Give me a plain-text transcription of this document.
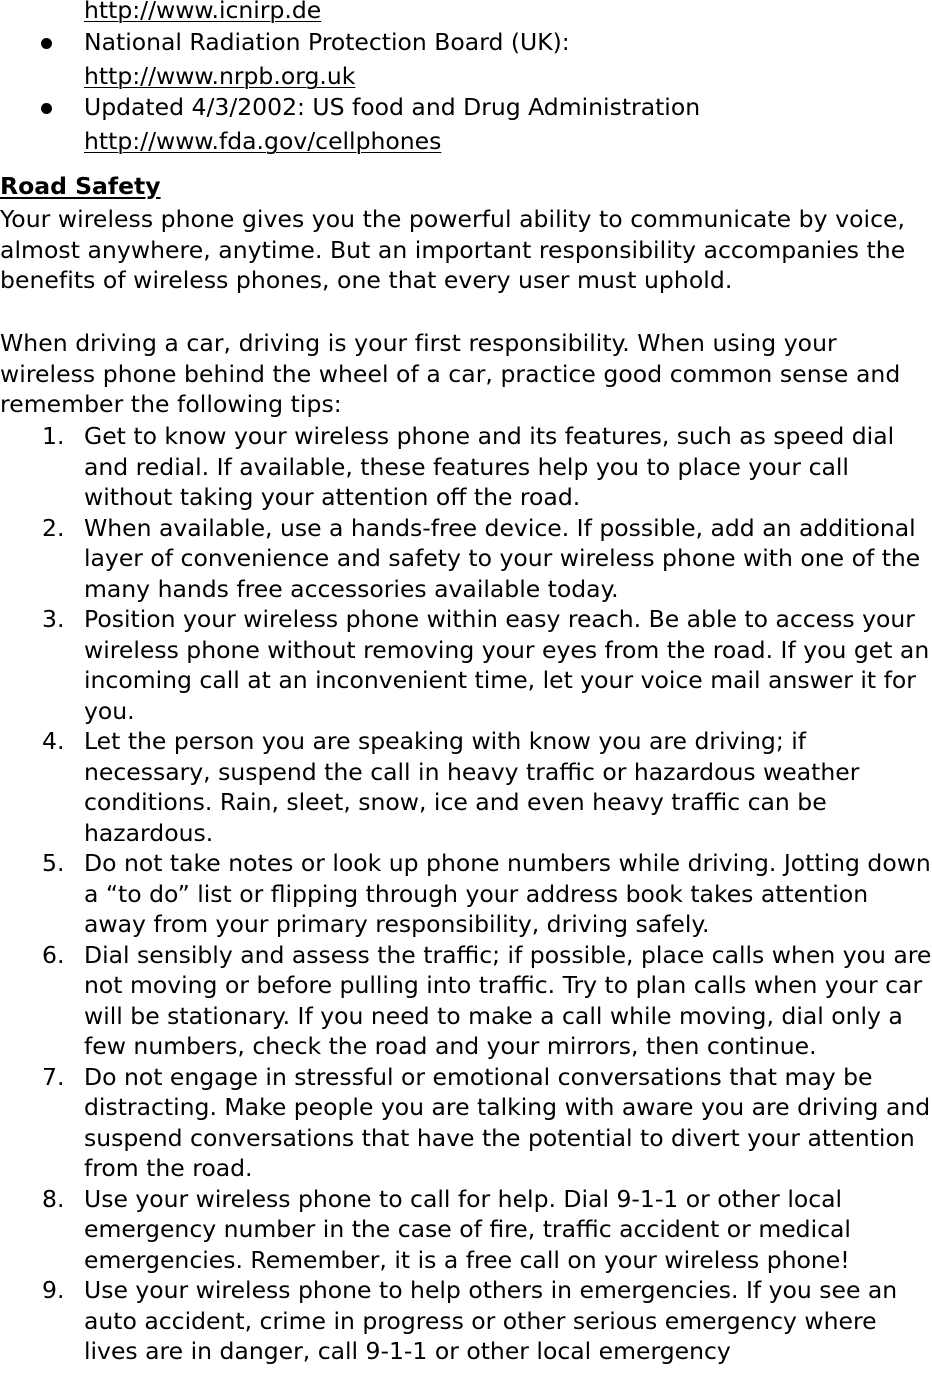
http://www.icnirp.de
National Radiation Protection Board (UK):
http://www.nrpb.org.uk
Updated 4/3/2002: US food and Drug Administration
http://www.fda.gov/cellphones
Road Safety

Your wireless phone gives you the powerful ability to communicate by voice, almost anywhere, anytime. But an important responsibility accompanies the benefits of wireless phones, one that every user must uphold.

When driving a car, driving is your first responsibility. When using your wireless phone behind the wheel of a car, practice good common sense and remember the following tips:

1. Get to know your wireless phone and its features, such as speed dial and redial. If available, these features help you to place your call without taking your attention off the road.
2. When available, use a hands-free device. If possible, add an additional layer of convenience and safety to your wireless phone with one of the many hands free accessories available today.
3. Position your wireless phone within easy reach. Be able to access your wireless phone without removing your eyes from the road. If you get an incoming call at an inconvenient time, let your voice mail answer it for you.
4. Let the person you are speaking with know you are driving; if necessary, suspend the call in heavy traffic or hazardous weather conditions. Rain, sleet, snow, ice and even heavy traffic can be hazardous.
5. Do not take notes or look up phone numbers while driving. Jotting down a “to do” list or flipping through your address book takes attention away from your primary responsibility, driving safely.
6. Dial sensibly and assess the traffic; if possible, place calls when you are not moving or before pulling into traffic. Try to plan calls when your car will be stationary. If you need to make a call while moving, dial only a few numbers, check the road and your mirrors, then continue.
7. Do not engage in stressful or emotional conversations that may be distracting. Make people you are talking with aware you are driving and suspend conversations that have the potential to divert your attention from the road.
8. Use your wireless phone to call for help. Dial 9-1-1 or other local emergency number in the case of fire, traffic accident or medical emergencies. Remember, it is a free call on your wireless phone!
9. Use your wireless phone to help others in emergencies. If you see an auto accident, crime in progress or other serious emergency where lives are in danger, call 9-1-1 or other local emergency
